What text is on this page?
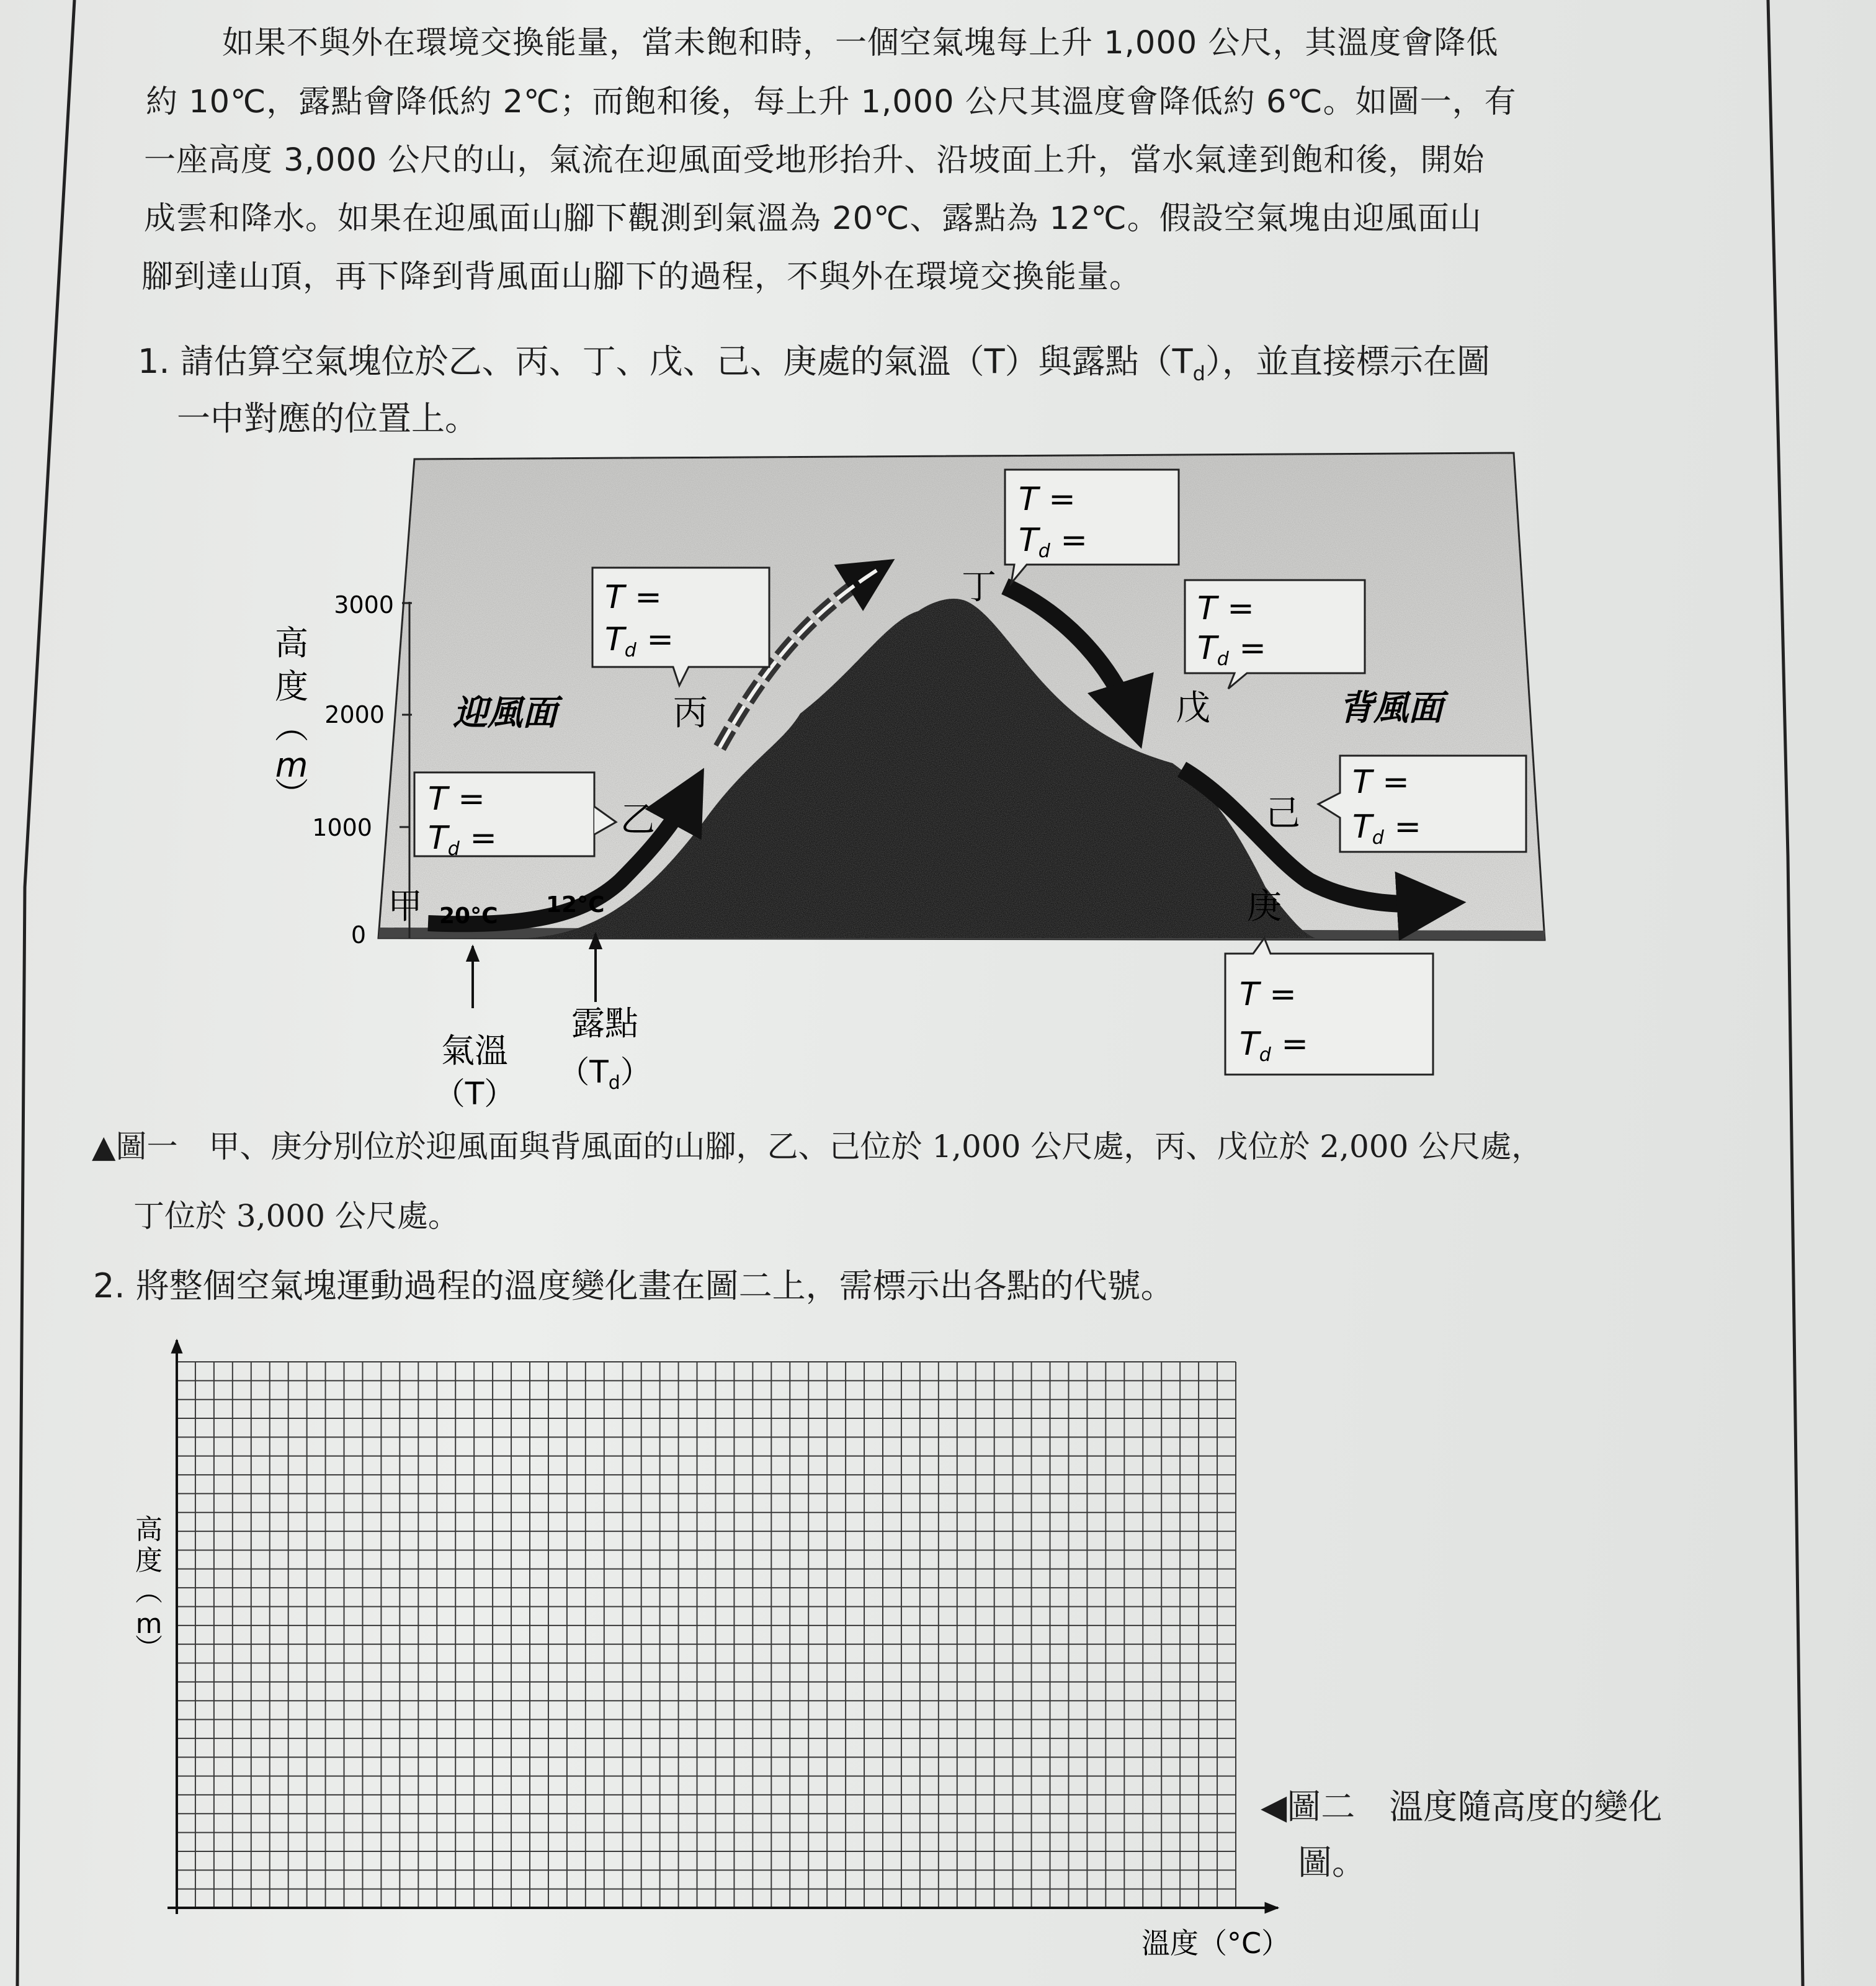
如果不與外在環境交換能量，當未飽和時，一個空氣塊每上升 1,000 公尺，其溫度會降低
約 10℃，露點會降低約 2℃；而飽和後，每上升 1,000 公尺其溫度會降低約 6℃。如圖一，有
一座高度 3,000 公尺的山，氣流在迎風面受地形抬升、沿坡面上升，當水氣達到飽和後，開始
成雲和降水。如果在迎風面山腳下觀測到氣溫為 20℃、露點為 12℃。假設空氣塊由迎風面山
腳到達山頂，再下降到背風面山腳下的過程，不與外在環境交換能量。
1. 請估算空氣塊位於乙、丙、丁、戊、己、庚處的氣溫（T）與露點$(T_d)$，並直接標示在圖
一中對應的位置上。
3000
2000
1000
0
高
度
︵
m
︶
迎風面	背風面
甲
乙
丙
丁
戊
己
庚
20°C 12°C
T =
Td =
T =
Td =
T =
Td =
T =
Td =
T =
Td =
T =
Td =
氣溫
（T）
露點
$(T_d)$
▲圖一　甲、庚分別位於迎風面與背風面的山腳，乙、己位於 1,000 公尺處，丙、戊位於 2,000 公尺處，
丁位於 3,000 公尺處。
2. 將整個空氣塊運動過程的溫度變化畫在圖二上，需標示出各點的代號。
高
度
︵
m
︶
溫度（°C）
◀圖二　溫度隨高度的變化
圖。
